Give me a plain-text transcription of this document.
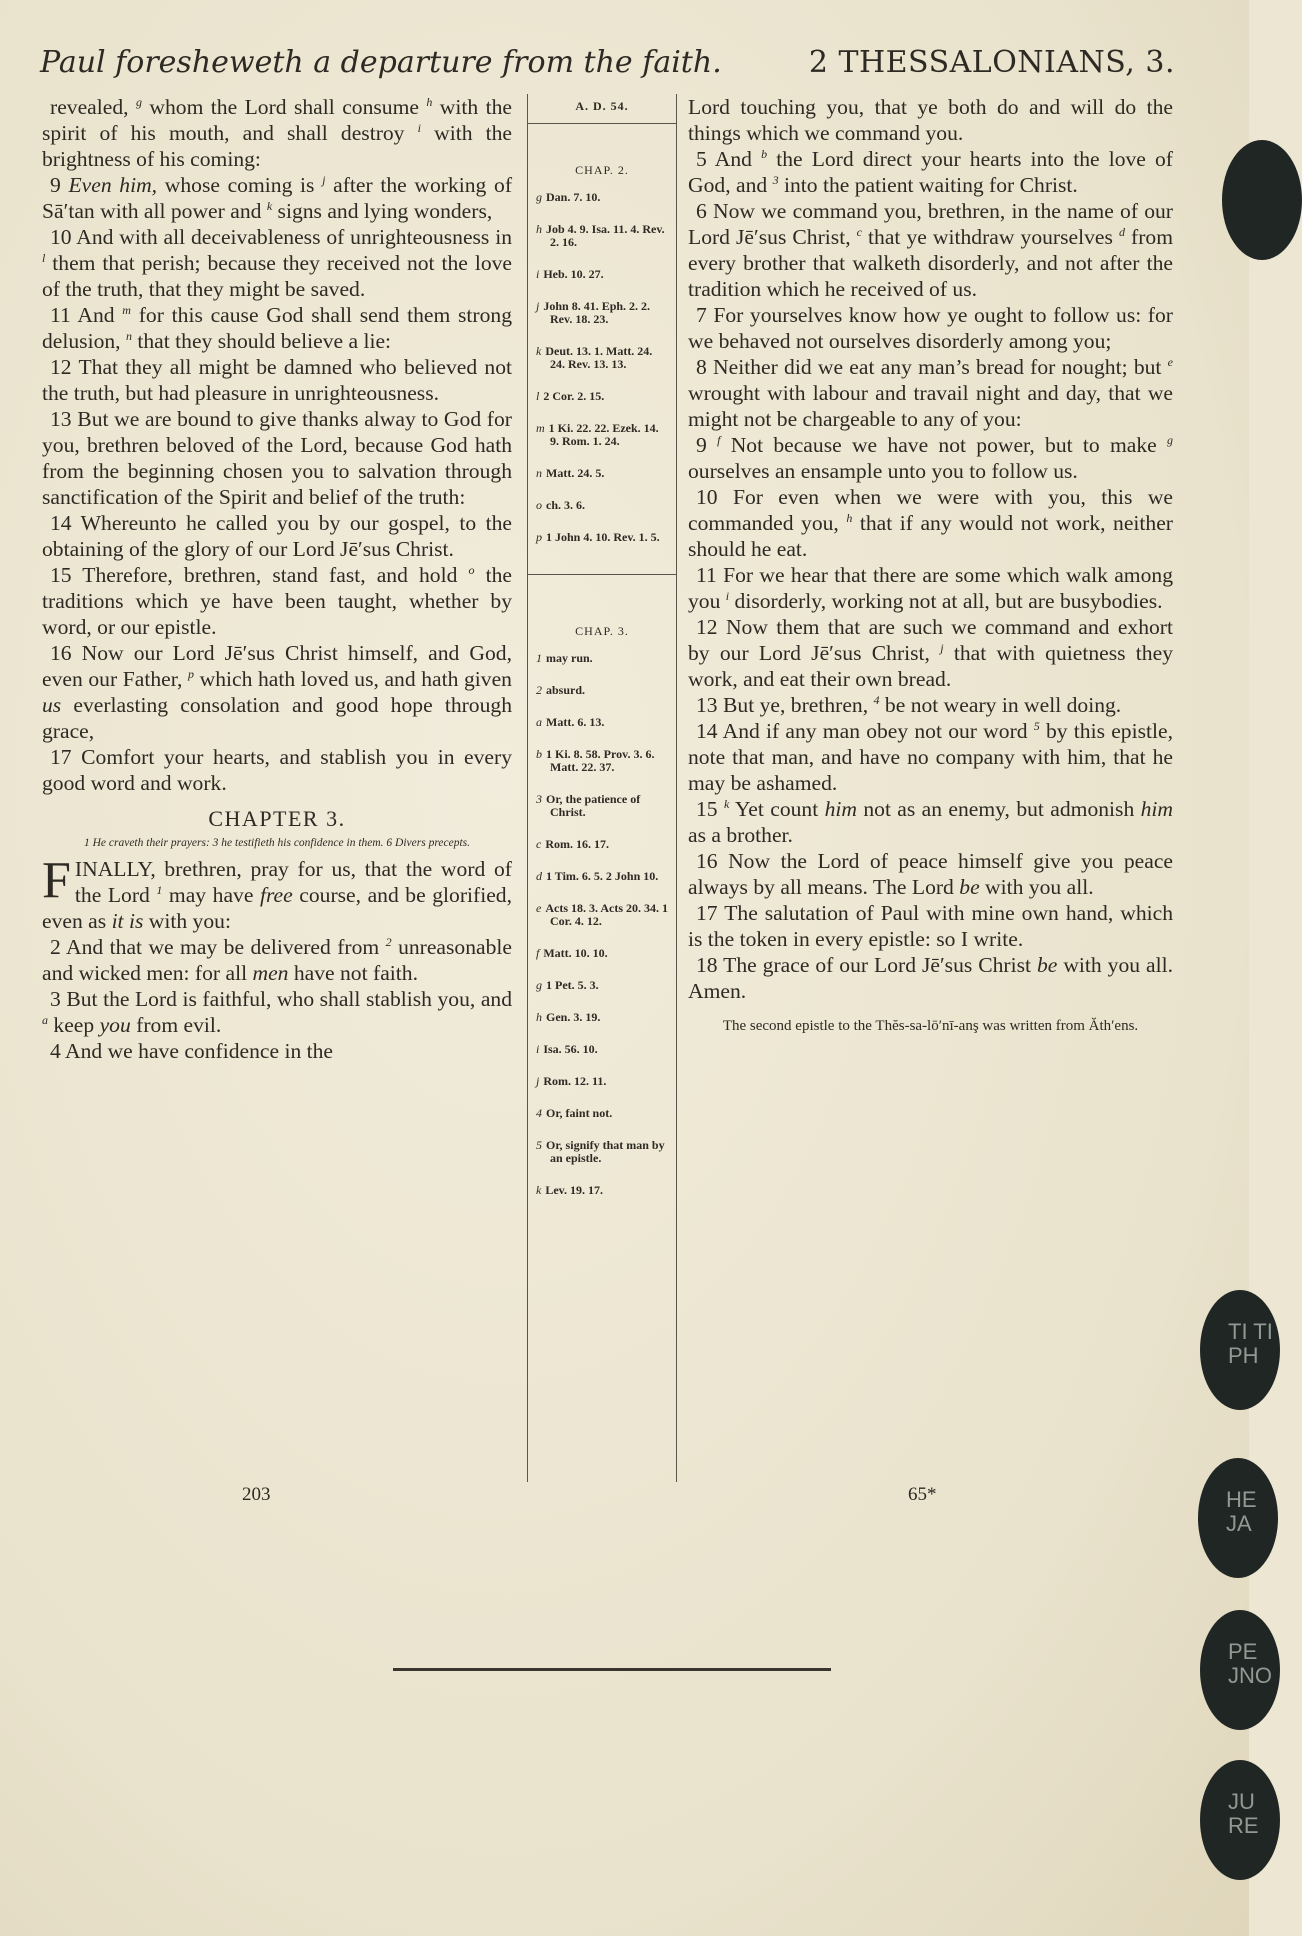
Paul foresheweth a departure from the faith.	2 THESSALONIANS, 3.

revealed, $^g$ whom the Lord shall consume $^h$ with the spirit of his mouth, and shall destroy $^i$ with the brightness of his coming:

9 Even him, whose coming is $^j$ after the working of Sā′tan with all power and $^k$ signs and lying wonders,

10 And with all deceivableness of unrighteousness in $^l$ them that perish; because they received not the love of the truth, that they might be saved.

11 And $^m$ for this cause God shall send them strong delusion, $^n$ that they should believe a lie:

12 That they all might be damned who believed not the truth, but had pleasure in unrighteousness.

13 But we are bound to give thanks alway to God for you, brethren beloved of the Lord, because God hath from the beginning chosen you to salvation through sanctification of the Spirit and belief of the truth:

14 Whereunto he called you by our gospel, to the obtaining of the glory of our Lord Jē′sus Christ.

15 Therefore, brethren, stand fast, and hold $^o$ the traditions which ye have been taught, whether by word, or our epistle.

16 Now our Lord Jē′sus Christ himself, and God, even our Father, $^p$ which hath loved us, and hath given us everlasting consolation and good hope through grace,

17 Comfort your hearts, and stablish you in every good word and work.

CHAPTER 3.

1 He craveth their prayers: 3 he testifieth his confidence in them. 6 Divers precepts.

FINALLY, brethren, pray for us, that the word of the Lord $^1$ may have free course, and be glorified, even as it is with you:

2 And that we may be delivered from $^2$ unreasonable and wicked men: for all men have not faith.

3 But the Lord is faithful, who shall stablish you, and $^a$ keep you from evil.

4 And we have confidence in the

A. D. 54.
CHAP. 2.
g Dan. 7. 10.
h Job 4. 9. Isa. 11. 4. Rev. 2. 16.
i Heb. 10. 27.
j John 8. 41. Eph. 2. 2. Rev. 18. 23.
k Deut. 13. 1. Matt. 24. 24. Rev. 13. 13.
l 2 Cor. 2. 15.
m 1 Ki. 22. 22. Ezek. 14. 9. Rom. 1. 24.
n Matt. 24. 5.
o ch. 3. 6.
p 1 John 4. 10. Rev. 1. 5.
CHAP. 3.
1 may run.
2 absurd.
a Matt. 6. 13.
b 1 Ki. 8. 58. Prov. 3. 6. Matt. 22. 37.
3 Or, the patience of Christ.
c Rom. 16. 17.
d 1 Tim. 6. 5. 2 John 10.
e Acts 18. 3. Acts 20. 34. 1 Cor. 4. 12.
f Matt. 10. 10.
g 1 Pet. 5. 3.
h Gen. 3. 19.
i Isa. 56. 10.
j Rom. 12. 11.
4 Or, faint not.
5 Or, signify that man by an epistle.
k Lev. 19. 17.

Lord touching you, that ye both do and will do the things which we command you.

5 And $^b$ the Lord direct your hearts into the love of God, and $^3$ into the patient waiting for Christ.

6 Now we command you, brethren, in the name of our Lord Jē′sus Christ, $^c$ that ye withdraw yourselves $^d$ from every brother that walketh disorderly, and not after the tradition which he received of us.

7 For yourselves know how ye ought to follow us: for we behaved not ourselves disorderly among you;

8 Neither did we eat any man’s bread for nought; but $^e$ wrought with labour and travail night and day, that we might not be chargeable to any of you:

9 $^f$ Not because we have not power, but to make $^g$ ourselves an ensample unto you to follow us.

10 For even when we were with you, this we commanded you, $^h$ that if any would not work, neither should he eat.

11 For we hear that there are some which walk among you $^i$ disorderly, working not at all, but are busybodies.

12 Now them that are such we command and exhort by our Lord Jē′sus Christ, $^j$ that with quietness they work, and eat their own bread.

13 But ye, brethren, $^4$ be not weary in well doing.

14 And if any man obey not our word $^5$ by this epistle, note that man, and have no company with him, that he may be ashamed.

15 $^k$ Yet count him not as an enemy, but admonish him as a brother.

16 Now the Lord of peace himself give you peace always by all means. The Lord be with you all.

17 The salutation of Paul with mine own hand, which is the token in every epistle: so I write.

18 The grace of our Lord Jē′sus Christ be with you all. Amen.

The second epistle to the Thĕs-sa-lō′nī-anş was written from Ăth′ens.

203	65*
TI TI PH
HE JA
PE JNO
JU RE
